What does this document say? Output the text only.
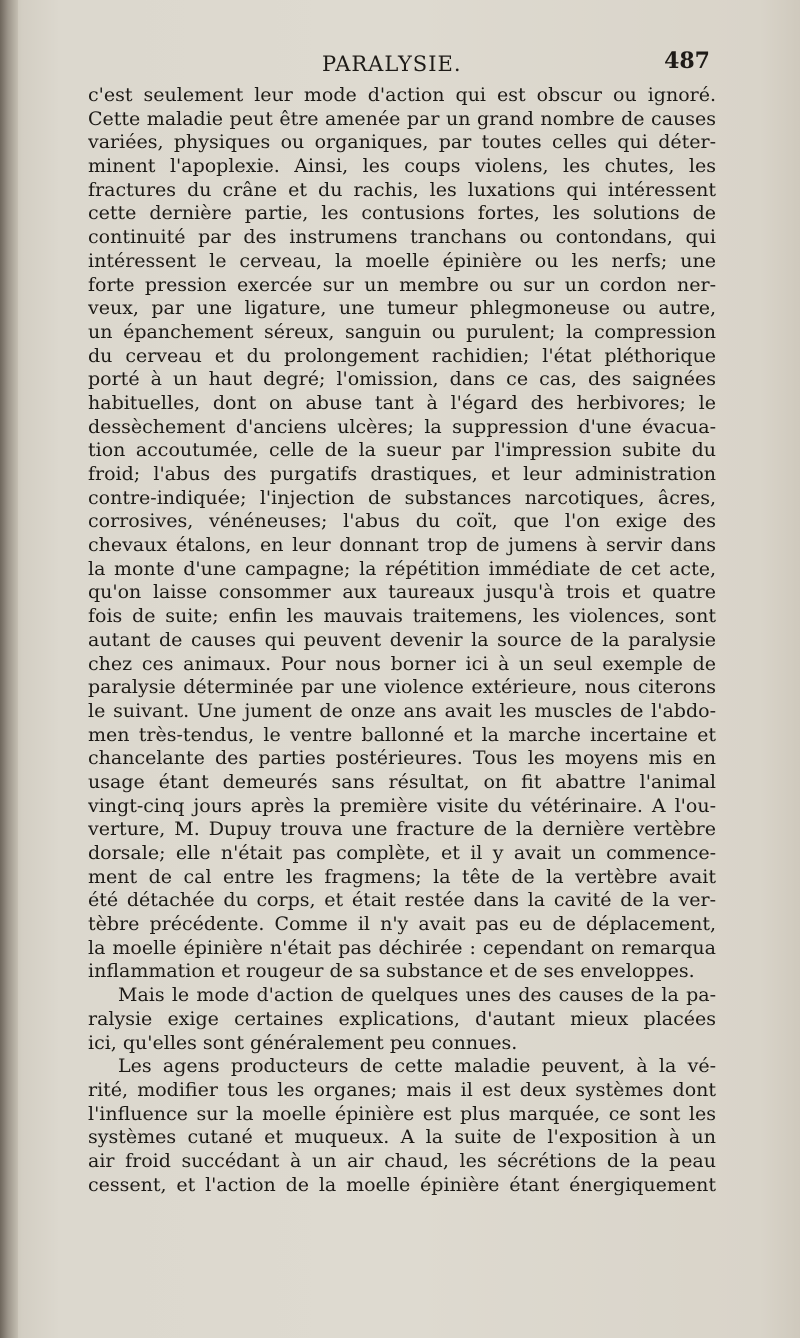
PARALYSIE.	487
c'est seulement leur mode d'action qui est obscur ou ignoré.
Cette maladie peut être amenée par un grand nombre de causes
variées, physiques ou organiques, par toutes celles qui déter-
minent l'apoplexie. Ainsi, les coups violens, les chutes, les
fractures du crâne et du rachis, les luxations qui intéressent
cette dernière partie, les contusions fortes, les solutions de
continuité par des instrumens tranchans ou contondans, qui
intéressent le cerveau, la moelle épinière ou les nerfs; une
forte pression exercée sur un membre ou sur un cordon ner-
veux, par une ligature, une tumeur phlegmoneuse ou autre,
un épanchement séreux, sanguin ou purulent; la compression
du cerveau et du prolongement rachidien; l'état pléthorique
porté à un haut degré; l'omission, dans ce cas, des saignées
habituelles, dont on abuse tant à l'égard des herbivores; le
dessèchement d'anciens ulcères; la suppression d'une évacua-
tion accoutumée, celle de la sueur par l'impression subite du
froid; l'abus des purgatifs drastiques, et leur administration
contre-indiquée; l'injection de substances narcotiques, âcres,
corrosives, vénéneuses; l'abus du coït, que l'on exige des
chevaux étalons, en leur donnant trop de jumens à servir dans
la monte d'une campagne; la répétition immédiate de cet acte,
qu'on laisse consommer aux taureaux jusqu'à trois et quatre
fois de suite; enfin les mauvais traitemens, les violences, sont
autant de causes qui peuvent devenir la source de la paralysie
chez ces animaux. Pour nous borner ici à un seul exemple de
paralysie déterminée par une violence extérieure, nous citerons
le suivant. Une jument de onze ans avait les muscles de l'abdo-
men très-tendus, le ventre ballonné et la marche incertaine et
chancelante des parties postérieures. Tous les moyens mis en
usage étant demeurés sans résultat, on fit abattre l'animal
vingt-cinq jours après la première visite du vétérinaire. A l'ou-
verture, M. Dupuy trouva une fracture de la dernière vertèbre
dorsale; elle n'était pas complète, et il y avait un commence-
ment de cal entre les fragmens; la tête de la vertèbre avait
été détachée du corps, et était restée dans la cavité de la ver-
tèbre précédente. Comme il n'y avait pas eu de déplacement,
la moelle épinière n'était pas déchirée : cependant on remarqua
inflammation et rougeur de sa substance et de ses enveloppes.
Mais le mode d'action de quelques unes des causes de la pa-
ralysie exige certaines explications, d'autant mieux placées
ici, qu'elles sont généralement peu connues.
Les agens producteurs de cette maladie peuvent, à la vé-
rité, modifier tous les organes; mais il est deux systèmes dont
l'influence sur la moelle épinière est plus marquée, ce sont les
systèmes cutané et muqueux. A la suite de l'exposition à un
air froid succédant à un air chaud, les sécrétions de la peau
cessent, et l'action de la moelle épinière étant énergiquement
